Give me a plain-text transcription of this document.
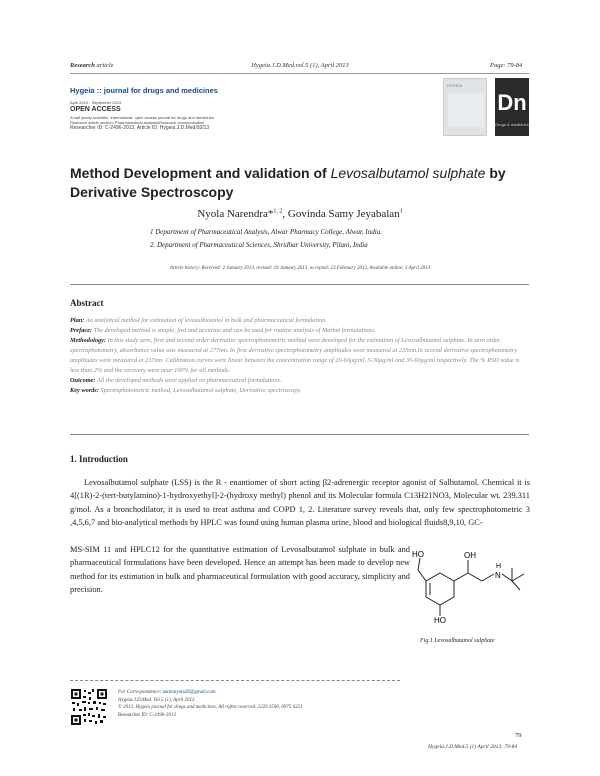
Research article	Hygeia.J.D.Med.vol.5 (1), April 2013	Page: 79-84
Hygeia :: journal for drugs and medicines
April 2013 - September 2013
OPEN ACCESS
A half yearly scientific, international, open access journal for drugs and medicines
Research article section: Pharmaceutical analysis/Research communication
Researcher ID: C-2496-2013, Article ID: Hygeia.J.D.Med/92/13
HYGEIA
Dn
Drugs & medicines
Method Development and validation of Levosalbutamol sulphate by Derivative Spectroscopy
Nyola Narendra*$^{1, 2}$, Govinda Samy Jeyabalan$^1$
1 Department of Pharmaceutical Analysis, Alwar Pharmacy College, Alwar, India.
2. Department of Pharmaceutical Sciences, Shridhar University, Pilani, India
Article history: Received: 2 January 2013, revised: 29 January 2013, accepted: 23 February 2013, Available online: 3 April 2013
Abstract

Plan: An analytical method for estimation of levosalbutamol in bulk and pharmaceutical formulation.

Preface: The developed method is simple, fast and accurate and can be used for routine analysis of Market formulations.

Methodology: In this study zero, first and second order derivative spectrophotometric method were developed for the estimation of Levosalbutamol sulphate. In zero order spectrophotometry, absorbance value was measured at 277nm. In first derivative spectrophotometry amplitudes were measured at 235nm.In second derivative spectrophotometry amplitudes were measured at 237nm. Calibration curves were linear between the concentration range of 20-60μg/ml, 5-30μg/ml and 35-60μg/ml respectively. The % RSD value is less than 2% and the recovery were near 100% for all methods.

Outcome: All the developed methods were applied on pharmaceutical formulations.

Key words: Spectrophotometric method, Levosalbutamol sulphate, Derivative spectroscopy.

1. Introduction
Levosalbutamol sulphate (LSS) is the R - enantiomer of short acting β2-adrenergic receptor agonist of Salbutamol. Chemical it is 4[(1R)-2-(tert-butylamino)-1-hydroxyethyl]-2-(hydroxy methyl) phenol and its Molecular formula C13H21NO3, Molecular wt. 239.311 g/mol. As a bronchodilator, it is used to treat asthma and COPD 1, 2. Literature survey reveals that, only few spectrophotometric 3 ,4,5,6,7 and bio-analytical methods by HPLC was found using human plasma urine, blood and biological fluids8,9,10, GC-
MS-SIM 11 and HPLC12 for the quantitative estimation of Levosalbutamol sulphate in bulk and pharmaceutical formulations have been developed. Hence an attempt has been made to develop new method for its estimation in bulk and pharmaceutical formulation with good accuracy, simplicity and precision.
HO	OH
HO
H
N
Fig.1 Levosalbutamol sulphate
For Correspondence: narennyola28@gmail.com
Hygeia.J.D.Med. Vol.5 (1), April 2013
© 2013, Hygeia journal for drugs and medicines, All rights reserved. 2229 3590, 0975 6221
Researcher ID: C-2496-2013
79
Hygeia.J.D.Med.5 (1) April 2013; 79-84
